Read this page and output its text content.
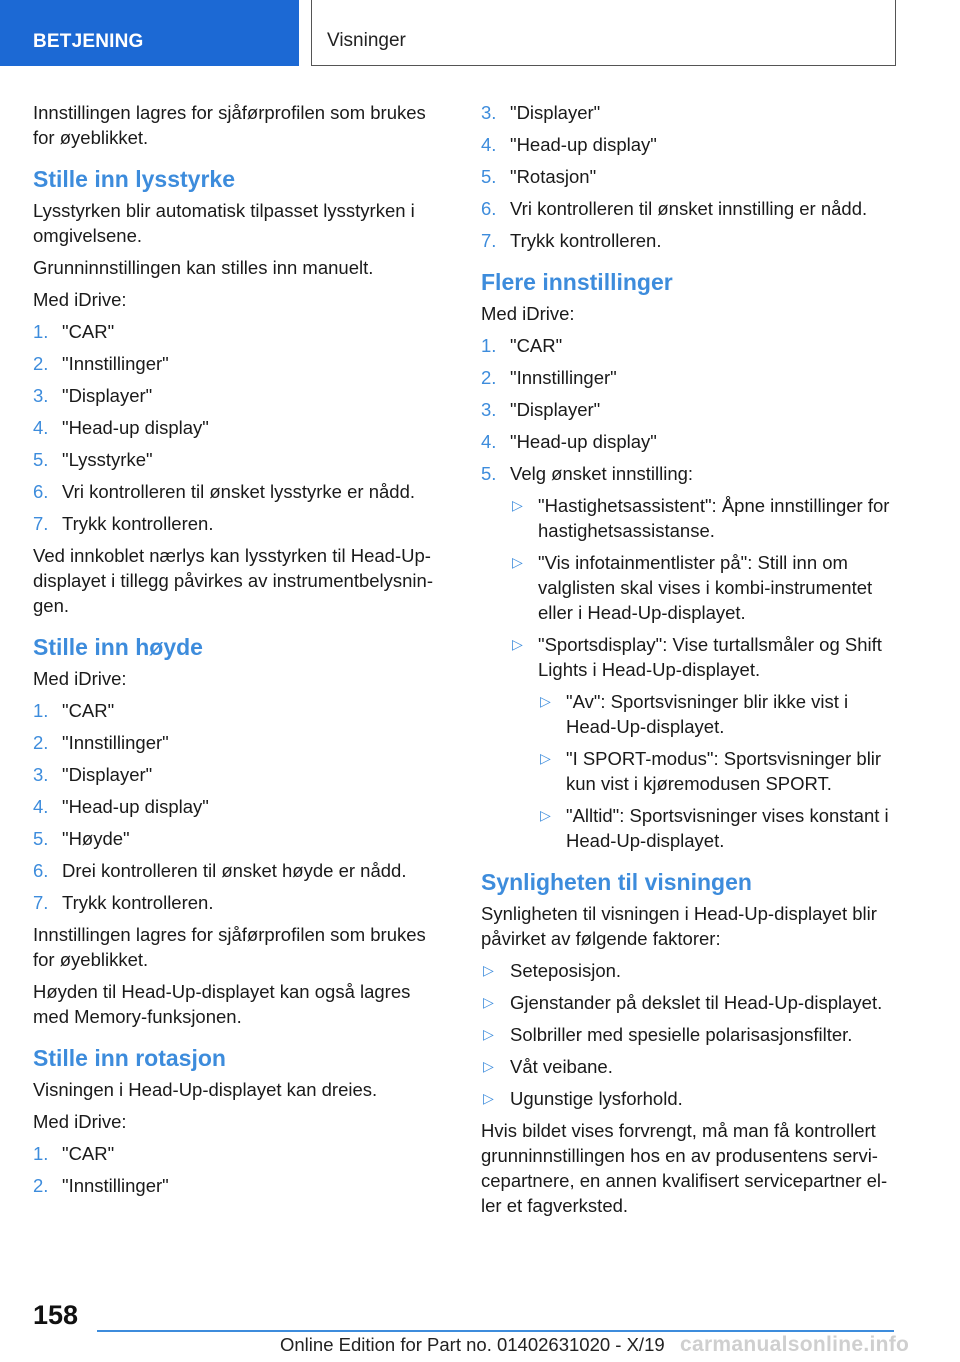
BETJENING	Visninger

Innstillingen lagres for sjåførprofilen som brukes for øyeblikket.

Stille inn lysstyrke

Lysstyrken blir automatisk tilpasset lysstyrken i omgivelsene.

Grunninnstillingen kan stilles inn manuelt.

Med iDrive:

1. "CAR"
2. "Innstillinger"
3. "Displayer"
4. "Head-up display"
5. "Lysstyrke"
6. Vri kontrolleren til ønsket lysstyrke er nådd.
7. Trykk kontrolleren.

Ved innkoblet nærlys kan lysstyrken til Head-Up-displayet i tillegg påvirkes av instrumentbelysnin-gen.

Stille inn høyde

Med iDrive:

1. "CAR"
2. "Innstillinger"
3. "Displayer"
4. "Head-up display"
5. "Høyde"
6. Drei kontrolleren til ønsket høyde er nådd.
7. Trykk kontrolleren.

Innstillingen lagres for sjåførprofilen som brukes for øyeblikket.

Høyden til Head-Up-displayet kan også lagres med Memory-funksjonen.

Stille inn rotasjon

Visningen i Head-Up-displayet kan dreies.

Med iDrive:

1. "CAR"
2. "Innstillinger"
3. "Displayer"
4. "Head-up display"
5. "Rotasjon"
6. Vri kontrolleren til ønsket innstilling er nådd.
7. Trykk kontrolleren.
Flere innstillinger

Med iDrive:

1. "CAR"
2. "Innstillinger"
3. "Displayer"
4. "Head-up display"
5. Velg ønsket innstilling:
▷ "Hastighetsassistent": Åpne innstillinger for hastighetsassistanse.
▷ "Vis infotainmentlister på": Still inn om valglisten skal vises i kombi-instrumentet eller i Head-Up-displayet.
▷ "Sportsdisplay": Vise turtallsmåler og Shift Lights i Head-Up-displayet.
▷ "Av": Sportsvisninger blir ikke vist i Head-Up-displayet.
▷ "I SPORT-modus": Sportsvisninger blir kun vist i kjøremodusen SPORT.
▷ "Alltid": Sportsvisninger vises konstant i Head-Up-displayet.
Synligheten til visningen

Synligheten til visningen i Head-Up-displayet blir påvirket av følgende faktorer:

▷ Seteposisjon.
▷ Gjenstander på dekslet til Head-Up-displayet.
▷ Solbriller med spesielle polarisasjonsfilter.
▷ Våt veibane.
▷ Ugunstige lysforhold.

Hvis bildet vises forvrengt, må man få kontrollert grunninnstillingen hos en av produsentens servi-cepartnere, en annen kvalifisert servicepartner el-ler et fagverksted.

158
Online Edition for Part no. 01402631020 - X/19 carmanualsonline.info
